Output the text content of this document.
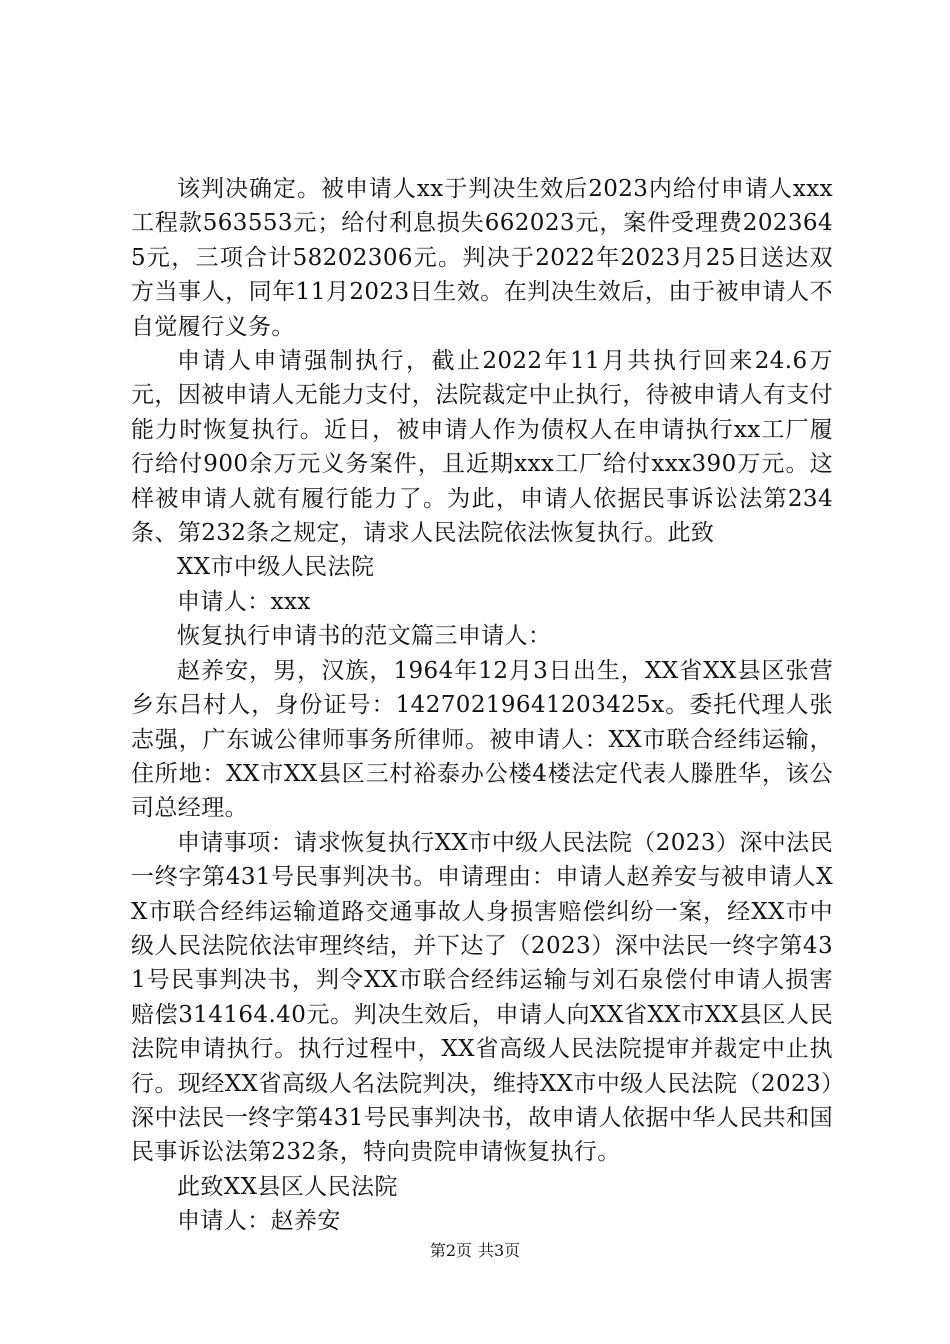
该判决确定。被申请人xx于判决生效后2023内给付申请人xxx工程款563553元；给付利息损失662023元，案件受理费2023645元，三项合计58202306元。判决于2022年2023月25日送达双方当事人，同年11月2023日生效。在判决生效后，由于被申请人不自觉履行义务。

申请人申请强制执行，截止2022年11月共执行回来24.6万元，因被申请人无能力支付，法院裁定中止执行，待被申请人有支付能力时恢复执行。近日，被申请人作为债权人在申请执行xx工厂履行给付900余万元义务案件，且近期xxx工厂给付xxx390万元。这样被申请人就有履行能力了。为此，申请人依据民事诉讼法第234条、第232条之规定，请求人民法院依法恢复执行。此致

XX市中级人民法院

申请人：xxx

恢复执行申请书的范文篇三申请人：

赵养安，男，汉族，1964年12月3日出生，XX省XX县区张营乡东吕村人，身份证号：14270219641203425x。委托代理人张志强，广东诚公律师事务所律师。被申请人：XX市联合经纬运输，住所地：XX市XX县区三村裕泰办公楼4楼法定代表人滕胜华，该公司总经理。

申请事项：请求恢复执行XX市中级人民法院（2023）深中法民一终字第431号民事判决书。申请理由：申请人赵养安与被申请人XX市联合经纬运输道路交通事故人身损害赔偿纠纷一案，经XX市中级人民法院依法审理终结，并下达了（2023）深中法民一终字第431号民事判决书，判令XX市联合经纬运输与刘石泉偿付申请人损害赔偿314164.40元。判决生效后，申请人向XX省XX市XX县区人民法院申请执行。执行过程中，XX省高级人民法院提审并裁定中止执行。现经XX省高级人名法院判决，维持XX市中级人民法院（2023）深中法民一终字第431号民事判决书，故申请人依据中华人民共和国民事诉讼法第232条，特向贵院申请恢复执行。

此致XX县区人民法院

申请人：赵养安

第2页 共3页
